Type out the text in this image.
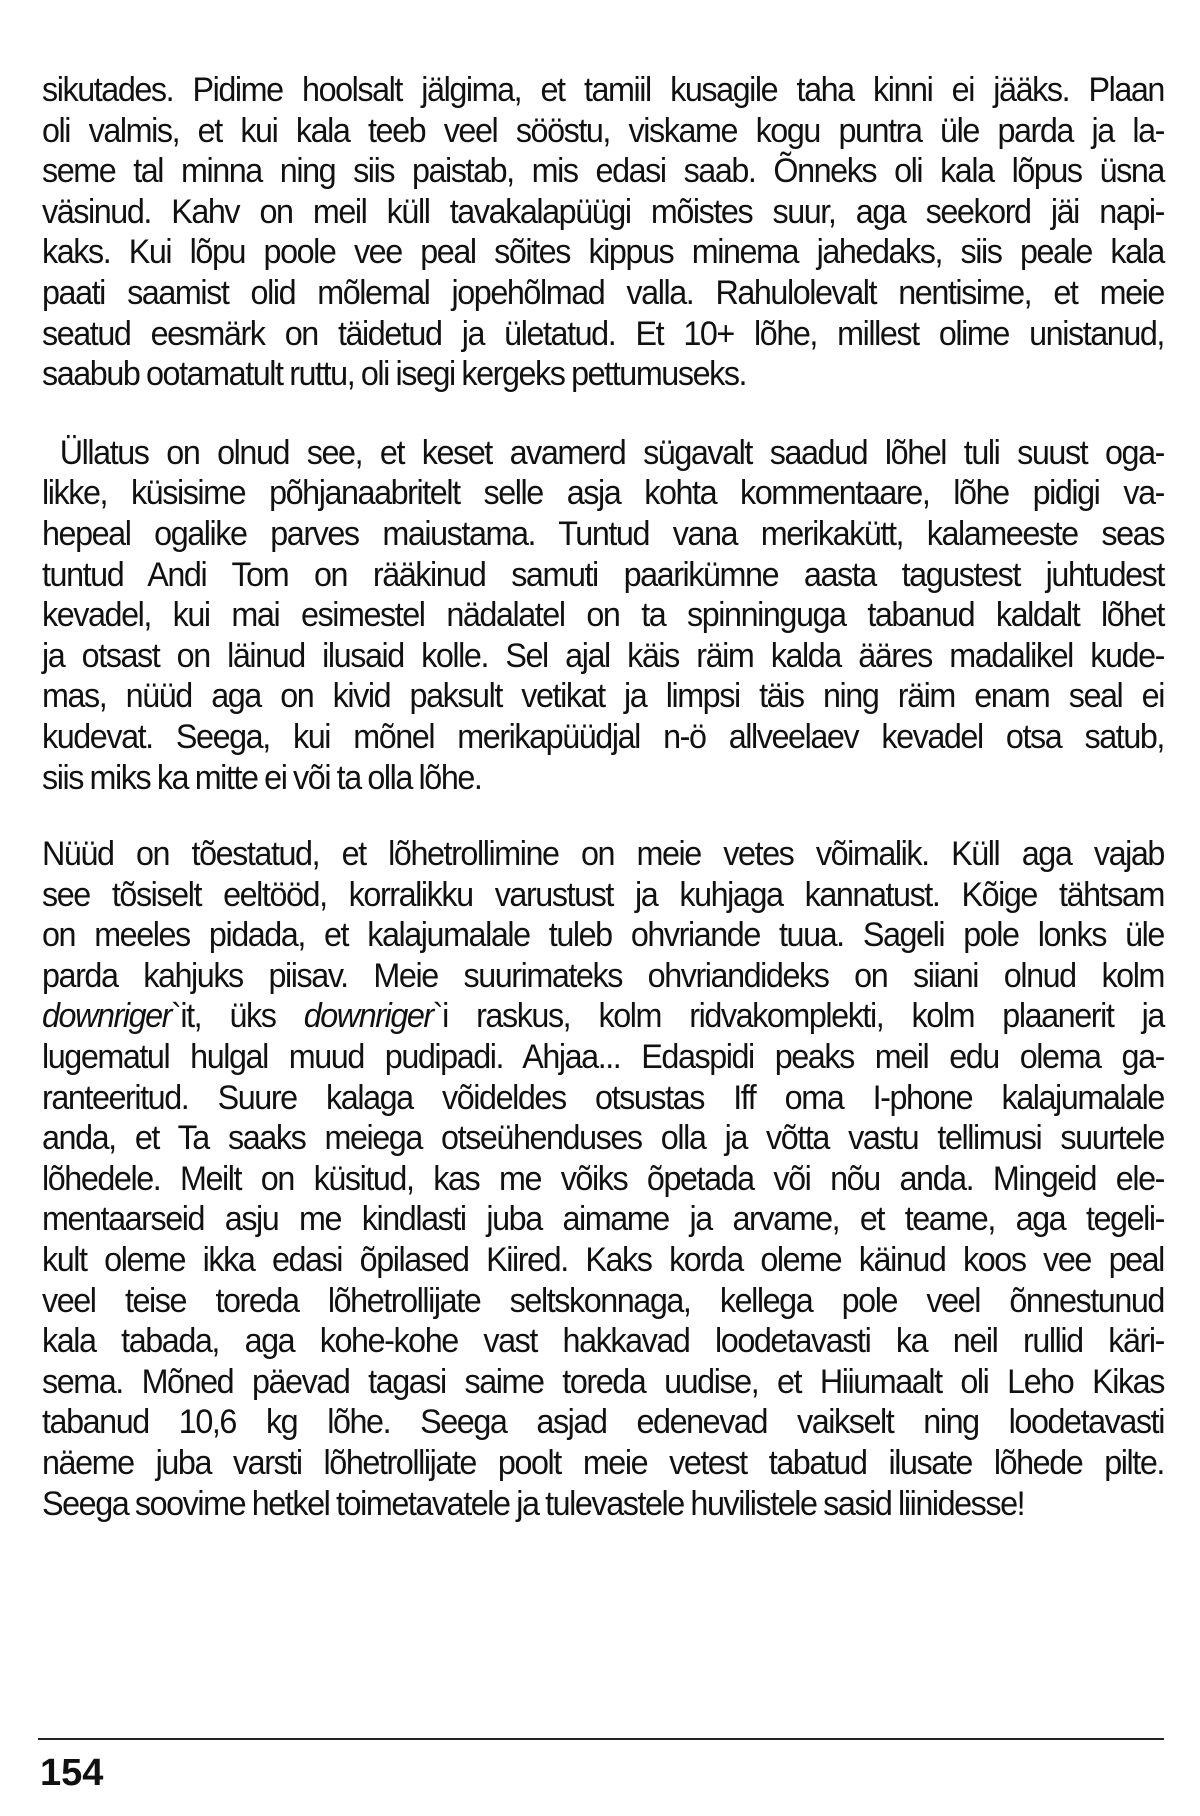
sikutades. Pidime hoolsalt jälgima, et tamiil kusagile taha kinni ei jääks. Plaan
oli valmis, et kui kala teeb veel sööstu, viskame kogu puntra üle parda ja la-
seme tal minna ning siis paistab, mis edasi saab. Õnneks oli kala lõpus üsna
väsinud. Kahv on meil küll tavakalapüügi mõistes suur, aga seekord jäi napi-
kaks. Kui lõpu poole vee peal sõites kippus minema jahedaks, siis peale kala
paati saamist olid mõlemal jopehõlmad valla. Rahulolevalt nentisime, et meie
seatud eesmärk on täidetud ja ületatud. Et 10+ lõhe, millest olime unistanud,
saabub ootamatult ruttu, oli isegi kergeks pettumuseks.

Üllatus on olnud see, et keset avamerd sügavalt saadud lõhel tuli suust oga-
likke, küsisime põhjanaabritelt selle asja kohta kommentaare, lõhe pidigi va-
hepeal ogalike parves maiustama. Tuntud vana merikakütt, kalameeste seas
tuntud Andi Tom on rääkinud samuti paarikümne aasta tagustest juhtudest
kevadel, kui mai esimestel nädalatel on ta spinninguga tabanud kaldalt lõhet
ja otsast on läinud ilusaid kolle. Sel ajal käis räim kalda ääres madalikel kude-
mas, nüüd aga on kivid paksult vetikat ja limpsi täis ning räim enam seal ei
kudevat. Seega, kui mõnel merikapüüdjal n-ö allveelaev kevadel otsa satub,
siis miks ka mitte ei või ta olla lõhe.

Nüüd on tõestatud, et lõhetrollimine on meie vetes võimalik. Küll aga vajab
see tõsiselt eeltööd, korralikku varustust ja kuhjaga kannatust. Kõige tähtsam
on meeles pidada, et kalajumalale tuleb ohvriande tuua. Sageli pole lonks üle
parda kahjuks piisav. Meie suurimateks ohvriandideks on siiani olnud kolm
downriger`it, üks downriger`i raskus, kolm ridvakomplekti, kolm plaanerit ja
lugematul hulgal muud pudipadi. Ahjaa... Edaspidi peaks meil edu olema ga-
ranteeritud. Suure kalaga võideldes otsustas Iff oma I-phone kalajumalale
anda, et Ta saaks meiega otseühenduses olla ja võtta vastu tellimusi suurtele
lõhedele. Meilt on küsitud, kas me võiks õpetada või nõu anda. Mingeid ele-
mentaarseid asju me kindlasti juba aimame ja arvame, et teame, aga tegeli-
kult oleme ikka edasi õpilased Kiired. Kaks korda oleme käinud koos vee peal
veel teise toreda lõhetrollijate seltskonnaga, kellega pole veel õnnestunud
kala tabada, aga kohe-kohe vast hakkavad loodetavasti ka neil rullid käri-
sema. Mõned päevad tagasi saime toreda uudise, et Hiiumaalt oli Leho Kikas
tabanud 10,6 kg lõhe. Seega asjad edenevad vaikselt ning loodetavasti
näeme juba varsti lõhetrollijate poolt meie vetest tabatud ilusate lõhede pilte.
Seega soovime hetkel toimetavatele ja tulevastele huvilistele sasid liinidesse!

154
